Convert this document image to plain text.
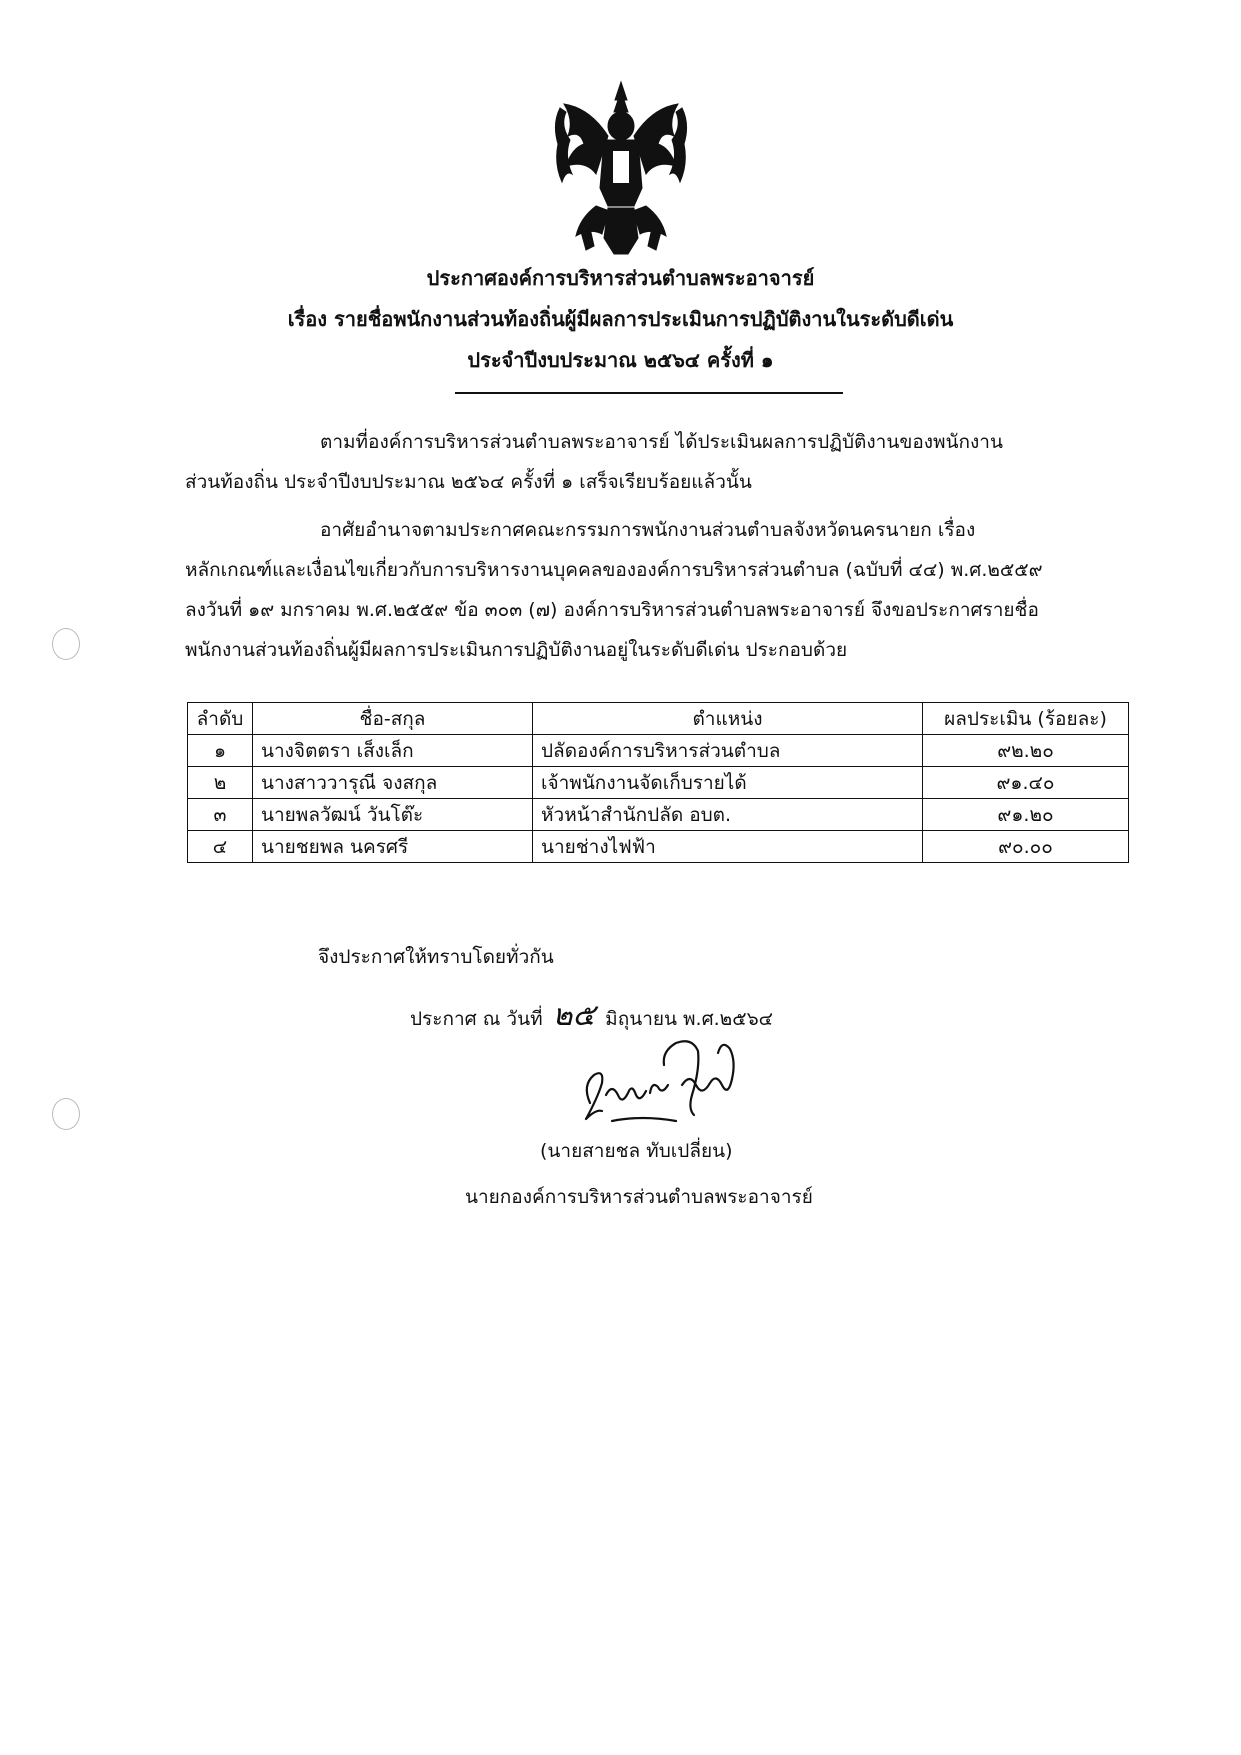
ประกาศองค์การบริหารส่วนตำบลพระอาจารย์
เรื่อง รายชื่อพนักงานส่วนท้องถิ่นผู้มีผลการประเมินการปฏิบัติงานในระดับดีเด่น
ประจำปีงบประมาณ ๒๕๖๔ ครั้งที่ ๑
ตามที่องค์การบริหารส่วนตำบลพระอาจารย์ ได้ประเมินผลการปฏิบัติงานของพนักงาน
ส่วนท้องถิ่น ประจำปีงบประมาณ ๒๕๖๔ ครั้งที่ ๑ เสร็จเรียบร้อยแล้วนั้น
อาศัยอำนาจตามประกาศคณะกรรมการพนักงานส่วนตำบลจังหวัดนครนายก เรื่อง
หลักเกณฑ์และเงื่อนไขเกี่ยวกับการบริหารงานบุคคลขององค์การบริหารส่วนตำบล (ฉบับที่ ๔๔) พ.ศ.๒๕๕๙
ลงวันที่ ๑๙ มกราคม พ.ศ.๒๕๕๙ ข้อ ๓๐๓ (๗) องค์การบริหารส่วนตำบลพระอาจารย์ จึงขอประกาศรายชื่อ
พนักงานส่วนท้องถิ่นผู้มีผลการประเมินการปฏิบัติงานอยู่ในระดับดีเด่น ประกอบด้วย
ลำดับ	ชื่อ-สกุล	ตำแหน่ง	ผลประเมิน (ร้อยละ)
๑	นางจิตตรา เส็งเล็ก	ปลัดองค์การบริหารส่วนตำบล	๙๒.๒๐
๒	นางสาววารุณี จงสกุล	เจ้าพนักงานจัดเก็บรายได้	๙๑.๔๐
๓	นายพลวัฒน์ วันโต๊ะ	หัวหน้าสำนักปลัด อบต.	๙๑.๒๐
๔	นายชยพล นครศรี	นายช่างไฟฟ้า	๙๐.๐๐
จึงประกาศให้ทราบโดยทั่วกัน
ประกาศ ณ วันที่ ๒๕ มิถุนายน พ.ศ.๒๕๖๔
(นายสายชล ทับเปลี่ยน)
นายกองค์การบริหารส่วนตำบลพระอาจารย์
